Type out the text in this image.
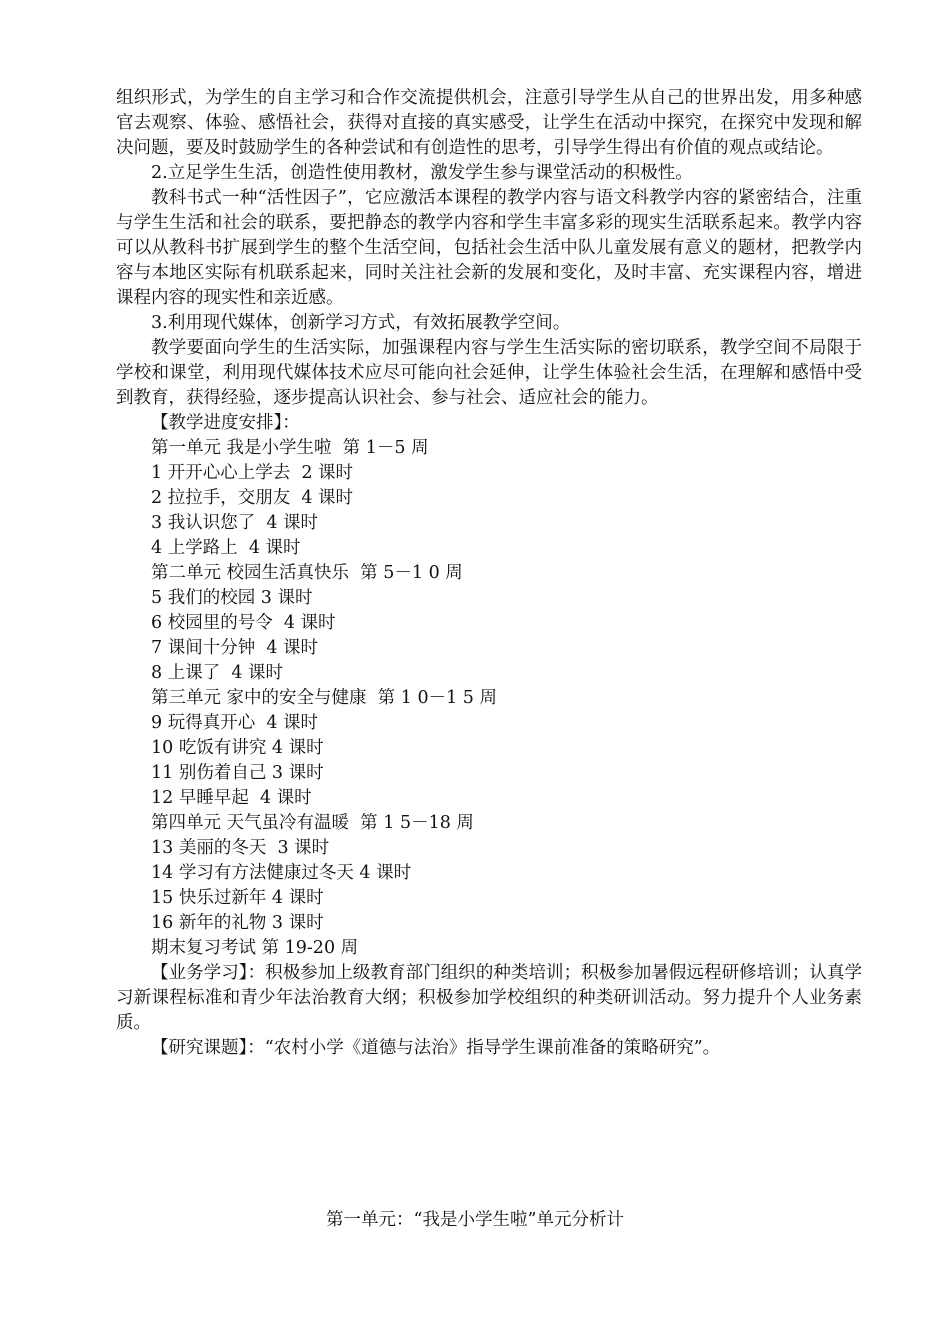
组织形式，为学生的自主学习和合作交流提供机会，注意引导学生从自己的世界出发，用多种感官去观察、体验、感悟社会，获得对直接的真实感受，让学生在活动中探究，在探究中发现和解决问题，要及时鼓励学生的各种尝试和有创造性的思考，引导学生得出有价值的观点或结论。

2.立足学生生活，创造性使用教材，激发学生参与课堂活动的积极性。

教科书式一种“活性因子”，它应激活本课程的教学内容与语文科教学内容的紧密结合，注重与学生生活和社会的联系，要把静态的教学内容和学生丰富多彩的现实生活联系起来。教学内容可以从教科书扩展到学生的整个生活空间，包括社会生活中队儿童发展有意义的题材，把教学内容与本地区实际有机联系起来，同时关注社会新的发展和变化，及时丰富、充实课程内容，增进课程内容的现实性和亲近感。

3.利用现代媒体，创新学习方式，有效拓展教学空间。

教学要面向学生的生活实际，加强课程内容与学生生活实际的密切联系，教学空间不局限于学校和课堂，利用现代媒体技术应尽可能向社会延伸，让学生体验社会生活，在理解和感悟中受到教育，获得经验，逐步提高认识社会、参与社会、适应社会的能力。

【教学进度安排】：

第一单元 我是小学生啦  第 1－5 周

1 开开心心上学去  2 课时

2 拉拉手，交朋友  4 课时

3 我认识您了  4 课时

4 上学路上  4 课时

第二单元 校园生活真快乐  第 5－1 0 周

5 我们的校园 3 课时

6 校园里的号令  4 课时

7 课间十分钟  4 课时

8 上课了  4 课时

第三单元 家中的安全与健康  第 1 0－1 5 周

9 玩得真开心  4 课时

10 吃饭有讲究 4 课时

11 别伤着自己 3 课时

12 早睡早起  4 课时

第四单元 天气虽冷有温暖  第 1 5－18 周

13 美丽的冬天  3 课时

14 学习有方法健康过冬天 4 课时

15 快乐过新年 4 课时

16 新年的礼物 3 课时

期末复习考试 第 19-20 周

【业务学习】：积极参加上级教育部门组织的种类培训；积极参加暑假远程研修培训；认真学习新课程标准和青少年法治教育大纲；积极参加学校组织的种类研训活动。努力提升个人业务素质。

【研究课题】：“农村小学《道德与法治》指导学生课前准备的策略研究”。

第一单元：“我是小学生啦”单元分析计
